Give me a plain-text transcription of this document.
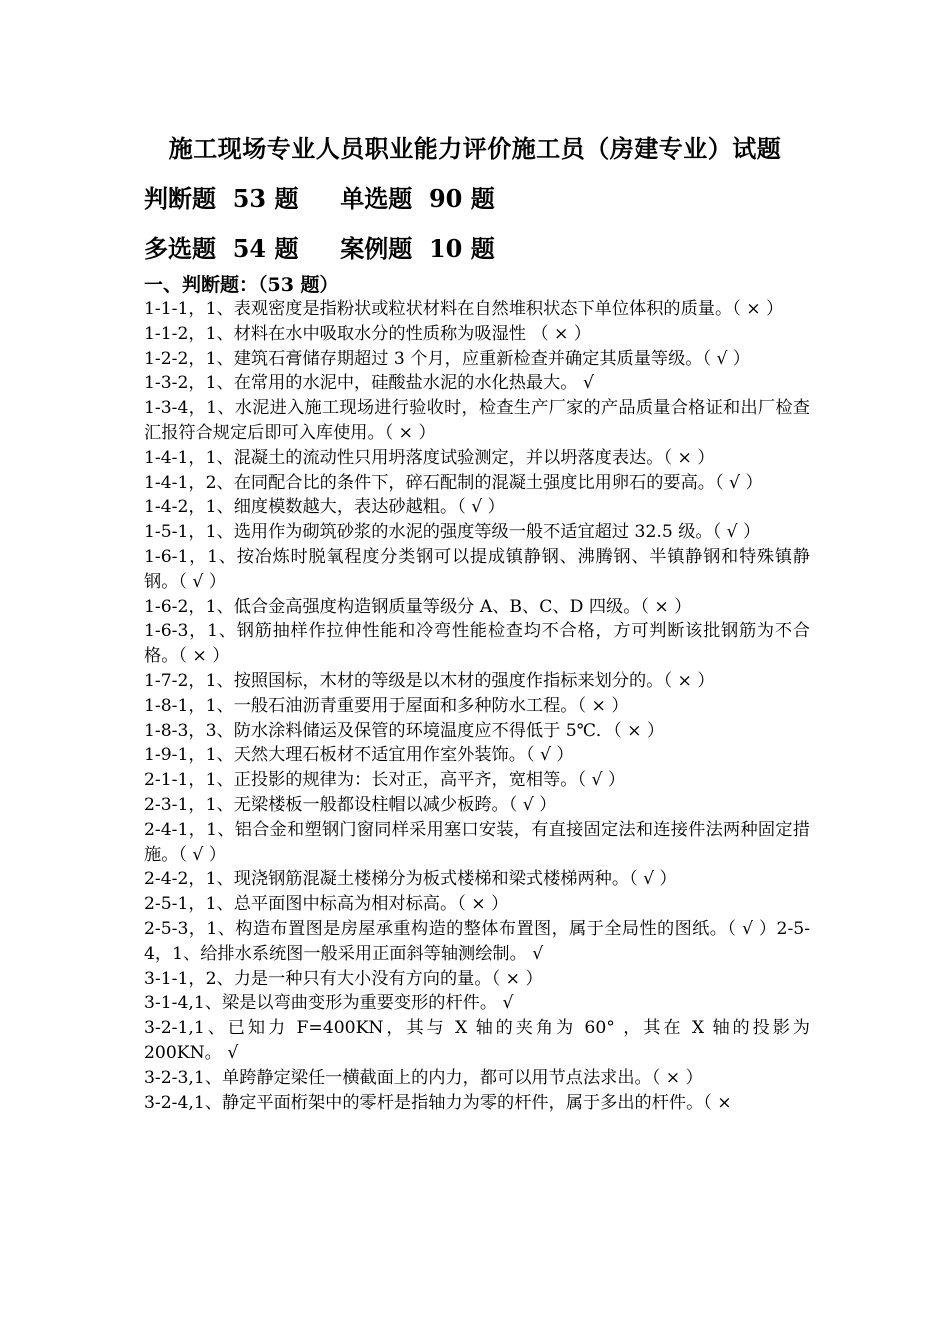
施工现场专业人员职业能力评价施工员（房建专业）试题
判断题  53 题     单选题  90 题
多选题  54 题     案例题  10 题
一、判断题：（53 题）
1-1-1，1、表观密度是指粉状或粒状材料在自然堆积状态下单位体积的质量。（ × ）
1-1-2，1、材料在水中吸取水分的性质称为吸湿性 （ × ）
1-2-2，1、建筑石膏储存期超过 3 个月，应重新检查并确定其质量等级。（ √ ）
1-3-2，1、在常用的水泥中，硅酸盐水泥的水化热最大。 √
1-3-4，1、水泥进入施工现场进行验收时，检查生产厂家的产品质量合格证和出厂检查汇报符合规定后即可入库使用。（ × ）
1-4-1，1、混凝土的流动性只用坍落度试验测定，并以坍落度表达。（ × ）
1-4-1，2、在同配合比的条件下，碎石配制的混凝土强度比用卵石的要高。（ √ ）
1-4-2，1、细度模数越大，表达砂越粗。（ √ ）
1-5-1，1、选用作为砌筑砂浆的水泥的强度等级一般不适宜超过 32.5 级。（ √ ）
1-6-1，1、按冶炼时脱氧程度分类钢可以提成镇静钢、沸腾钢、半镇静钢和特殊镇静钢。（ √ ）
1-6-2，1、低合金高强度构造钢质量等级分 A、B、C、D 四级。（ × ）
1-6-3，1、钢筋抽样作拉伸性能和冷弯性能检查均不合格，方可判断该批钢筋为不合格。（ × ）
1-7-2，1、按照国标，木材的等级是以木材的强度作指标来划分的。（ × ）
1-8-1，1、一般石油沥青重要用于屋面和多种防水工程。（ × ）
1-8-3，3、防水涂料储运及保管的环境温度应不得低于 5℃．（ × ）
1-9-1，1、天然大理石板材不适宜用作室外装饰。（ √ ）
2-1-1，1、正投影的规律为：长对正，高平齐，宽相等。（ √ ）
2-3-1，1、无梁楼板一般都设柱帽以减少板跨。（ √ ）
2-4-1，1、铝合金和塑钢门窗同样采用塞口安装，有直接固定法和连接件法两种固定措施。（ √ ）
2-4-2，1、现浇钢筋混凝土楼梯分为板式楼梯和梁式楼梯两种。（ √ ）
2-5-1，1、总平面图中标高为相对标高。（ × ）
2-5-3，1、构造布置图是房屋承重构造的整体布置图，属于全局性的图纸。（ √ ）2-5-4，1、给排水系统图一般采用正面斜等轴测绘制。 √
3-1-1，2、力是一种只有大小没有方向的量。（ × ）
3-1-4,1、梁是以弯曲变形为重要变形的杆件。 √
3-2-1,1、已知力 F=400KN，其与 X 轴的夹角为 60° ，其在 X 轴的投影为 200KN。 √
3-2-3,1、单跨静定梁任一横截面上的内力，都可以用节点法求出。（ × ）
3-2-4,1、静定平面桁架中的零杆是指轴力为零的杆件，属于多出的杆件。（ ×
